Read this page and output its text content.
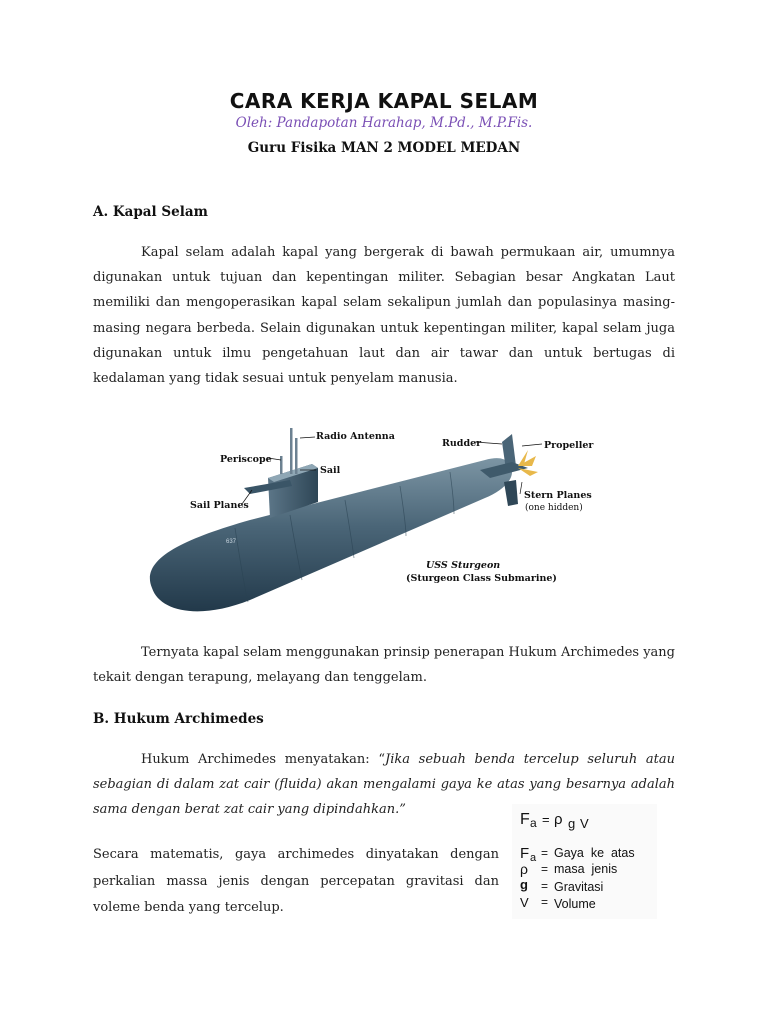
CARA KERJA KAPAL SELAM
Oleh: Pandapotan Harahap, M.Pd., M.P.Fis.
Guru Fisika MAN 2 MODEL MEDAN
A. Kapal Selam
Kapal selam adalah kapal yang bergerak di bawah permukaan air, umumnya digunakan untuk tujuan dan kepentingan militer. Sebagian besar Angkatan Laut memiliki dan mengoperasikan kapal selam sekalipun jumlah dan populasinya masing-masing negara berbeda. Selain digunakan untuk kepentingan militer, kapal selam juga digunakan untuk ilmu pengetahuan laut dan air tawar dan untuk bertugas di kedalaman yang tidak sesuai untuk penyelam manusia.
637
Radio Antenna
Periscope
Sail
Sail Planes
Rudder	Propeller
Stern Planes
(one hidden)
USS Sturgeon
(Sturgeon Class Submarine)
Ternyata kapal selam menggunakan prinsip penerapan Hukum Archimedes yang tekait dengan terapung, melayang dan tenggelam.
B. Hukum Archimedes
Hukum Archimedes menyatakan: “Jika sebuah benda tercelup seluruh atau sebagian di dalam zat cair (fluida) akan mengalami gaya ke atas yang besarnya adalah sama dengan berat zat cair yang dipindahkan.”
Secara matematis, gaya archimedes dinyatakan dengan perkalian massa jenis dengan percepatan gravitasi dan voleme benda yang tercelup.
F a = ρ g V
F a = Gaya  ke  atas
ρ = masa  jenis
g = Gravitasi
V = Volume
